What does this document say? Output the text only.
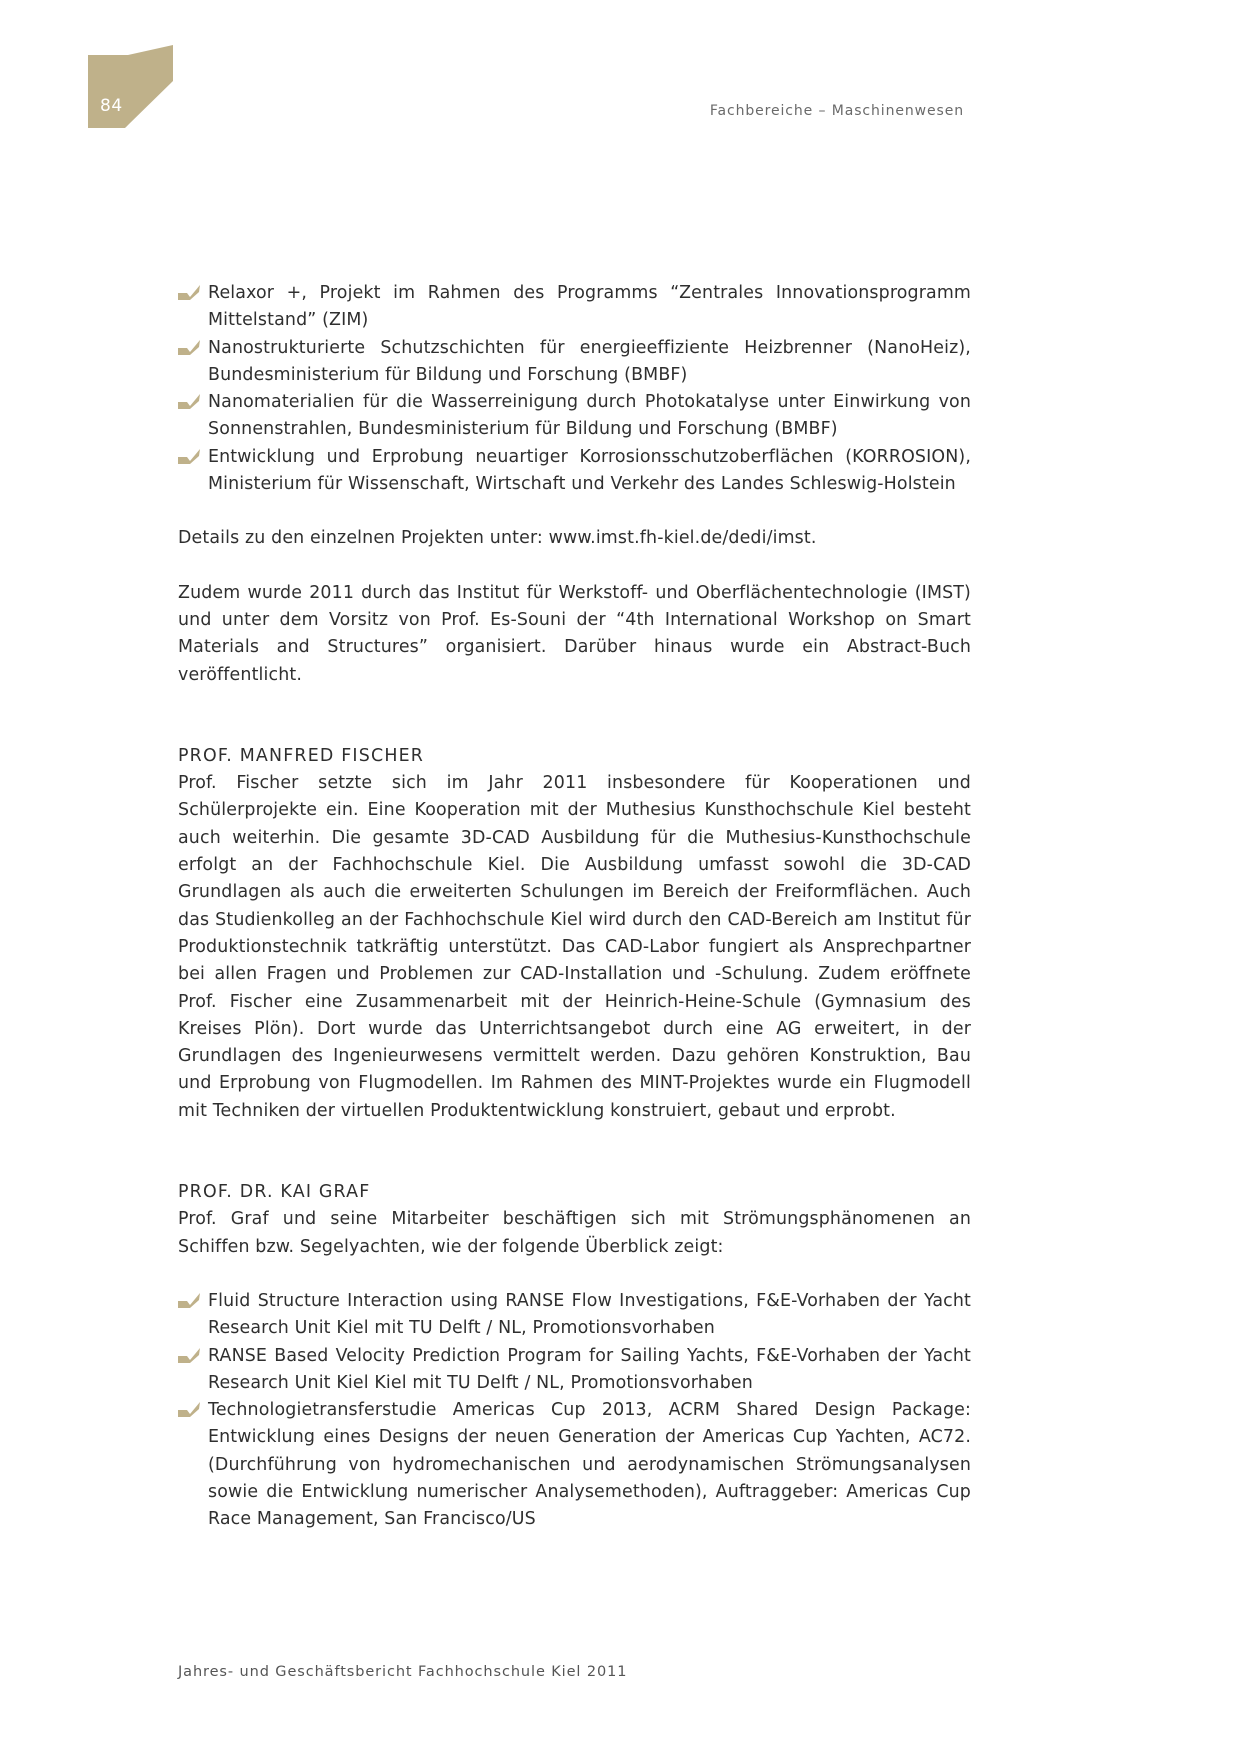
84	Fachbereiche – Maschinenwesen
Relaxor +, Projekt im Rahmen des Programms “Zentrales Innovationsprogramm Mittelstand” (ZIM)
Nanostrukturierte Schutzschichten für energieeffiziente Heizbrenner (NanoHeiz), Bundesministerium für Bildung und Forschung (BMBF)
Nanomaterialien für die Wasserreinigung durch Photokatalyse unter Einwirkung von Sonnenstrahlen, Bundesministerium für Bildung und Forschung (BMBF)
Entwicklung und Erprobung neuartiger Korrosionsschutzoberflächen (KORROSION), Ministerium für Wissenschaft, Wirtschaft und Verkehr des Landes Schleswig-Holstein

Details zu den einzelnen Projekten unter: www.imst.fh-kiel.de/dedi/imst.

Zudem wurde 2011 durch das Institut für Werkstoff- und Oberflächentechnologie (IMST) und unter dem Vorsitz von Prof. Es-Souni der “4th International Workshop on Smart Materials and Structures” organisiert. Darüber hinaus wurde ein Abstract-Buch veröffentlicht.

PROF. MANFRED FISCHER

Prof. Fischer setzte sich im Jahr 2011 insbesondere für Kooperationen und Schülerprojekte ein. Eine Kooperation mit der Muthesius Kunsthochschule Kiel besteht auch weiterhin. Die gesamte 3D-CAD Ausbildung für die Muthesius-Kunsthochschule erfolgt an der Fachhochschule Kiel. Die Ausbildung umfasst sowohl die 3D-CAD Grundlagen als auch die erweiterten Schulungen im Bereich der Freiformflächen. Auch das Studienkolleg an der Fachhochschule Kiel wird durch den CAD-Bereich am Institut für Produktionstechnik tatkräftig unterstützt. Das CAD-Labor fungiert als Ansprechpartner bei allen Fragen und Problemen zur CAD-Installation und -Schulung. Zudem eröffnete Prof. Fischer eine Zusammenarbeit mit der Heinrich-Heine-Schule (Gymnasium des Kreises Plön). Dort wurde das Unterrichtsangebot durch eine AG erweitert, in der Grundlagen des Ingenieurwesens vermittelt werden. Dazu gehören Konstruktion, Bau und Erprobung von Flugmodellen. Im Rahmen des MINT-Projektes wurde ein Flugmodell mit Techniken der virtuellen Produktentwicklung konstruiert, gebaut und erprobt.

PROF. DR. KAI GRAF

Prof. Graf und seine Mitarbeiter beschäftigen sich mit Strömungsphänomenen an Schiffen bzw. Segelyachten, wie der folgende Überblick zeigt:

Fluid Structure Interaction using RANSE Flow Investigations, F&E-Vorhaben der Yacht Research Unit Kiel mit TU Delft / NL, Promotionsvorhaben
RANSE Based Velocity Prediction Program for Sailing Yachts, F&E-Vorhaben der Yacht Research Unit Kiel Kiel mit TU Delft / NL, Promotionsvorhaben
Technologietransferstudie Americas Cup 2013, ACRM Shared Design Package: Entwicklung eines Designs der neuen Generation der Americas Cup Yachten, AC72. (Durchführung von hydromechanischen und aerodynamischen Strömungsanalysen sowie die Entwicklung numerischer Analysemethoden), Auftraggeber: Americas Cup Race Management, San Francisco/US
Jahres- und Geschäftsbericht Fachhochschule Kiel 2011
